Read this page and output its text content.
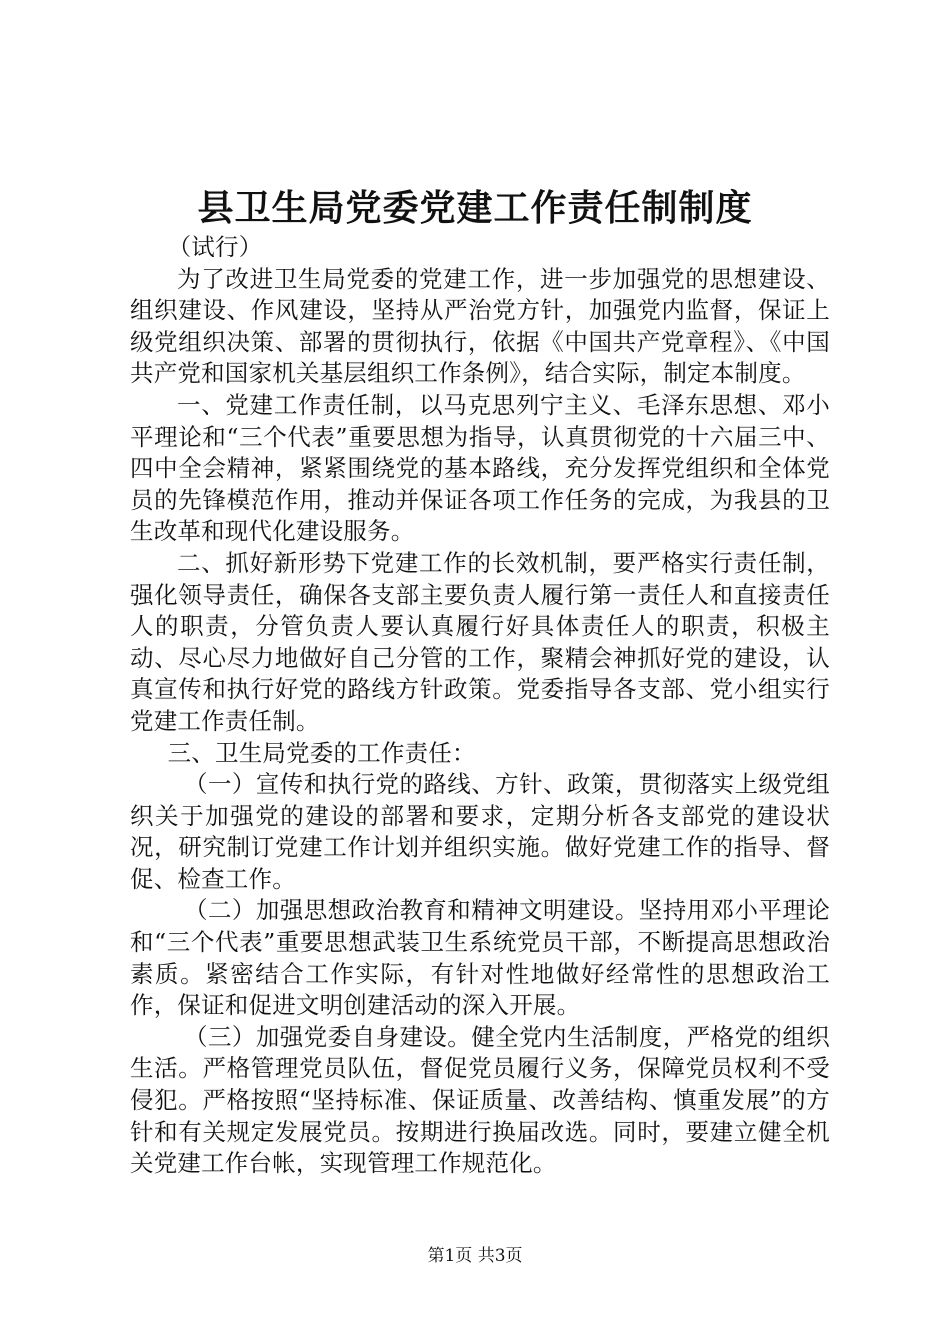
县卫生局党委党建工作责任制制度

（试行）

为了改进卫生局党委的党建工作，进一步加强党的思想建设、组织建设、作风建设，坚持从严治党方针，加强党内监督，保证上级党组织决策、部署的贯彻执行，依据《中国共产党章程》、《中国共产党和国家机关基层组织工作条例》，结合实际，制定本制度。

一、党建工作责任制，以马克思列宁主义、毛泽东思想、邓小平理论和“三个代表”重要思想为指导，认真贯彻党的十六届三中、四中全会精神，紧紧围绕党的基本路线，充分发挥党组织和全体党员的先锋模范作用，推动并保证各项工作任务的完成，为我县的卫生改革和现代化建设服务。

二、抓好新形势下党建工作的长效机制，要严格实行责任制，强化领导责任，确保各支部主要负责人履行第一责任人和直接责任人的职责，分管负责人要认真履行好具体责任人的职责，积极主动、尽心尽力地做好自己分管的工作，聚精会神抓好党的建设，认真宣传和执行好党的路线方针政策。党委指导各支部、党小组实行党建工作责任制。

三、卫生局党委的工作责任：

（一）宣传和执行党的路线、方针、政策，贯彻落实上级党组织关于加强党的建设的部署和要求，定期分析各支部党的建设状况，研究制订党建工作计划并组织实施。做好党建工作的指导、督促、检查工作。

（二）加强思想政治教育和精神文明建设。坚持用邓小平理论和“三个代表”重要思想武装卫生系统党员干部，不断提高思想政治素质。紧密结合工作实际，有针对性地做好经常性的思想政治工作，保证和促进文明创建活动的深入开展。

（三）加强党委自身建设。健全党内生活制度，严格党的组织生活。严格管理党员队伍，督促党员履行义务，保障党员权利不受侵犯。严格按照“坚持标准、保证质量、改善结构、慎重发展”的方针和有关规定发展党员。按期进行换届改选。同时，要建立健全机关党建工作台帐，实现管理工作规范化。

第1页 共3页
